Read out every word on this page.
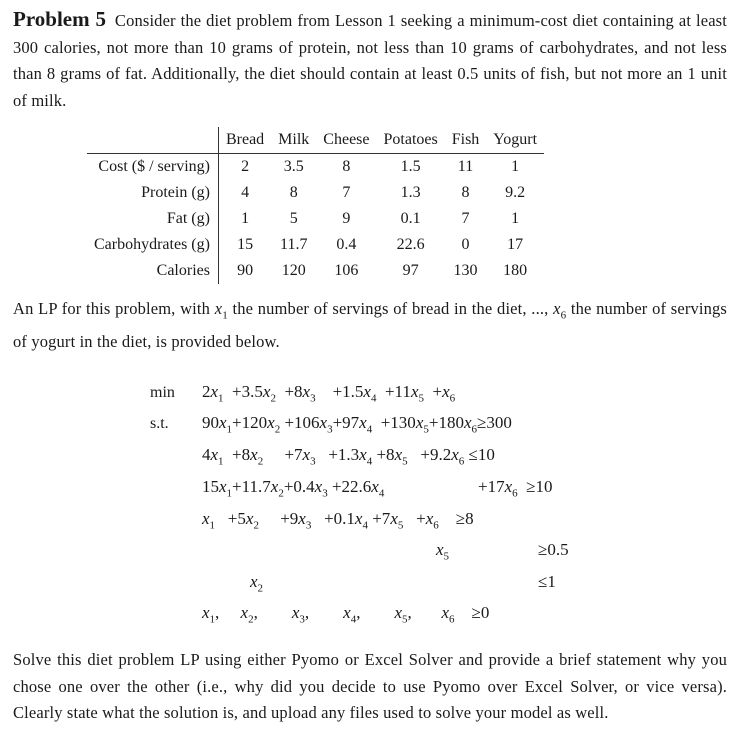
Problem 5 Consider the diet problem from Lesson 1 seeking a minimum-cost diet containing at least 300 calories, not more than 10 grams of protein, not less than 10 grams of carbohydrates, and not less than 8 grams of fat. Additionally, the diet should contain at least 0.5 units of fish, but not more an 1 unit of milk.
	Bread	Milk	Cheese	Potatoes	Fish	Yogurt
Cost ($ / serving)	2	3.5	8	1.5	11	1
Protein (g)	4	8	7	1.3	8	9.2
Fat (g)	1	5	9	0.1	7	1
Carbohydrates (g)	15	11.7	0.4	22.6	0	17
Calories	90	120	106	97	130	180
An LP for this problem, with $x_1$ the number of servings of bread in the diet, ..., $x_6$ the number of servings of yogurt in the diet, is provided below.
min
s.t.
$2x_1 +3.5x_2 +8x_3$    $+1.5x_4 +11x_5 +x_6$
$90x_1+120x_2 +106x_3+97x_4 +130x_5+180x_6\ge 300$
$4x_1 +8x_2$     $+7x_3 +1.3x_4 +8x_5 +9.2x_6 \le 10$
$15x_1+11.7x_2+0.4x_3 +22.6x_4$	$+17x_6 \ge 10$
$x_1 +5x_2$     $+9x_3 +0.1x_4 +7x_5 +x_6$    ≥8
$x_5$	≥0.5
$x_2$	≤1
$x_1$,     $x_2$,        $x_3$,        $x_4$,        $x_5$,       $x_6$    ≥0
Solve this diet problem LP using either Pyomo or Excel Solver and provide a brief statement why you chose one over the other (i.e., why did you decide to use Pyomo over Excel Solver, or vice versa). Clearly state what the solution is, and upload any files used to solve your model as well.
